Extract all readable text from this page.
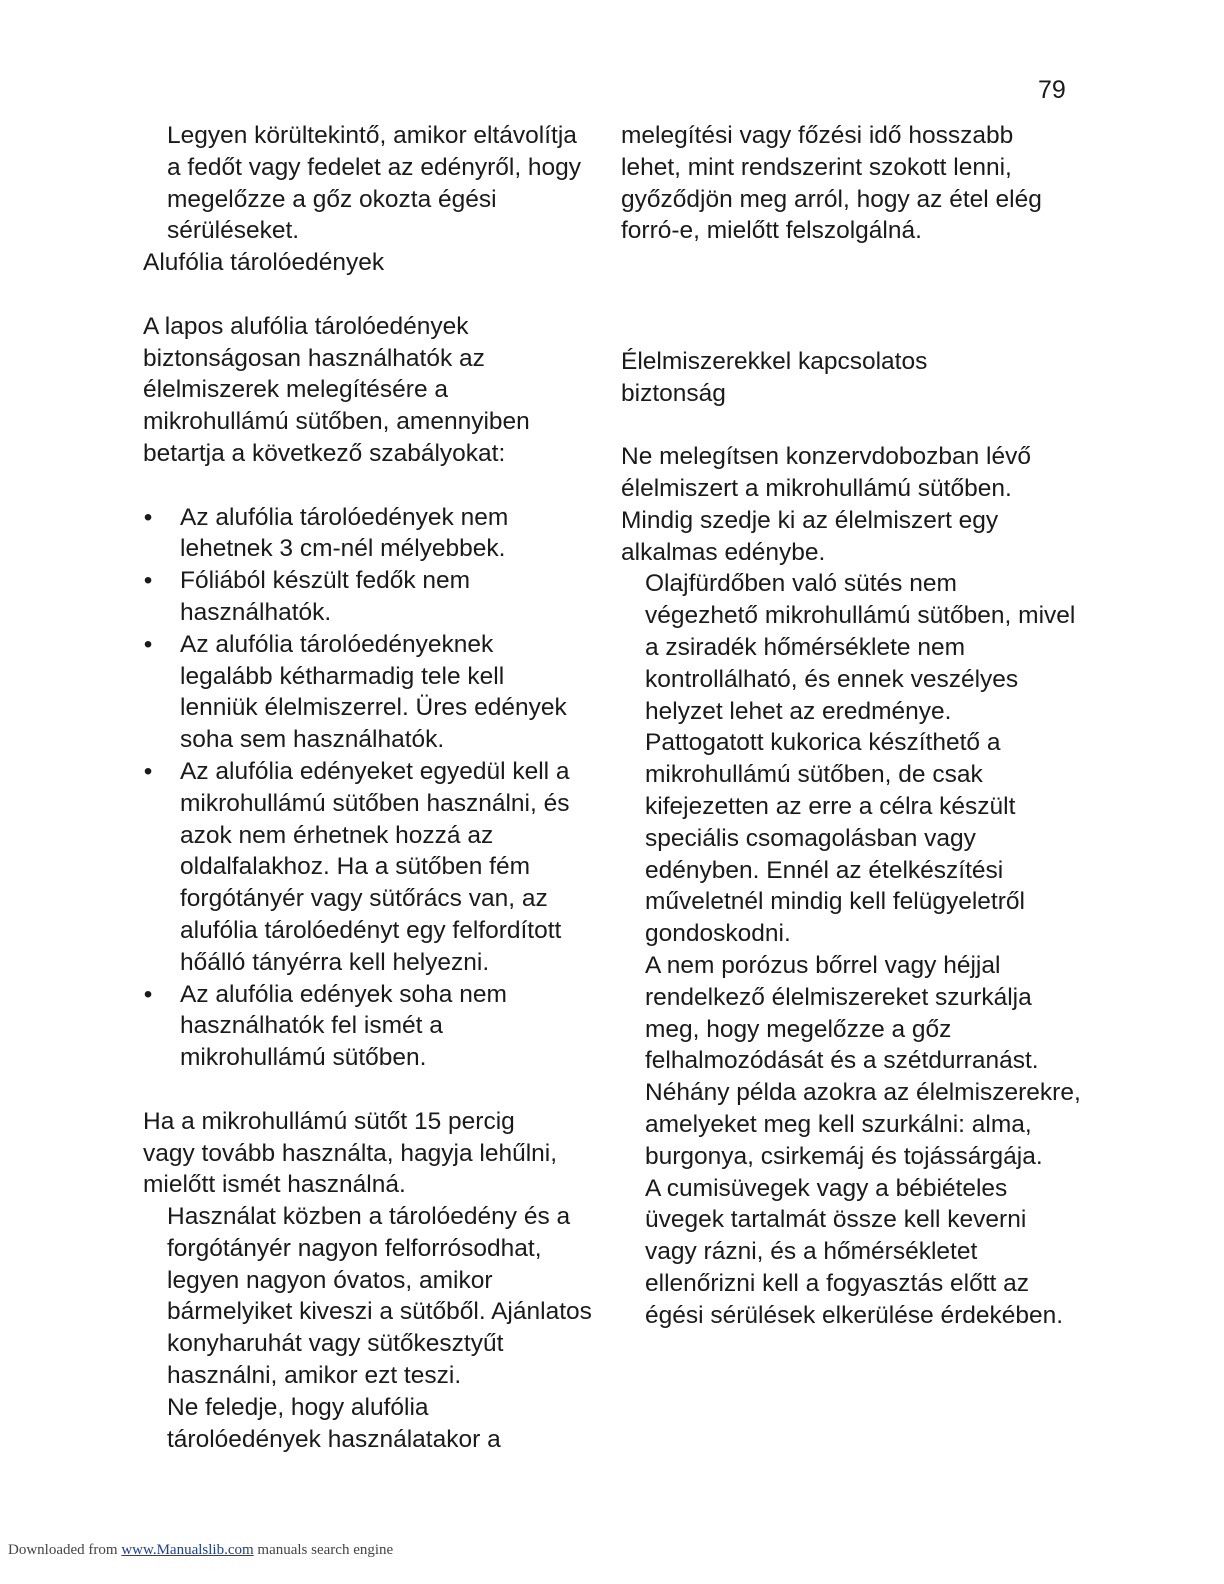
79

Legyen körültekintő, amikor eltávolítja
a fedőt vagy fedelet az edényről, hogy
megelőzze a gőz okozta égési
sérüléseket.

Alufólia tárolóedények

A lapos alufólia tárolóedények
biztonságosan használhatók az
élelmiszerek melegítésére a
mikrohullámú sütőben, amennyiben
betartja a következő szabályokat:

• Az alufólia tárolóedények nem
lehetnek 3 cm-nél mélyebbek.
• Fóliából készült fedők nem
használhatók.
• Az alufólia tárolóedényeknek
legalább kétharmadig tele kell
lenniük élelmiszerrel. Üres edények
soha sem használhatók.
• Az alufólia edényeket egyedül kell a
mikrohullámú sütőben használni, és
azok nem érhetnek hozzá az
oldalfalakhoz. Ha a sütőben fém
forgótányér vagy sütőrács van, az
alufólia tárolóedényt egy felfordított
hőálló tányérra kell helyezni.
• Az alufólia edények soha nem
használhatók fel ismét a
mikrohullámú sütőben.

Ha a mikrohullámú sütőt 15 percig
vagy tovább használta, hagyja lehűlni,
mielőtt ismét használná.

Használat közben a tárolóedény és a
forgótányér nagyon felforrósodhat,
legyen nagyon óvatos, amikor
bármelyiket kiveszi a sütőből. Ajánlatos
konyharuhát vagy sütőkesztyűt
használni, amikor ezt teszi.

Ne feledje, hogy alufólia
tárolóedények használatakor a

melegítési vagy főzési idő hosszabb
lehet, mint rendszerint szokott lenni,
győződjön meg arról, hogy az étel elég
forró-e, mielőtt felszolgálná.

Élelmiszerekkel kapcsolatos
biztonság

Ne melegítsen konzervdobozban lévő
élelmiszert a mikrohullámú sütőben.
Mindig szedje ki az élelmiszert egy
alkalmas edénybe.

Olajfürdőben való sütés nem
végezhető mikrohullámú sütőben, mivel
a zsiradék hőmérséklete nem
kontrollálható, és ennek veszélyes
helyzet lehet az eredménye.

Pattogatott kukorica készíthető a
mikrohullámú sütőben, de csak
kifejezetten az erre a célra készült
speciális csomagolásban vagy
edényben. Ennél az ételkészítési
műveletnél mindig kell felügyeletről
gondoskodni.

A nem porózus bőrrel vagy héjjal
rendelkező élelmiszereket szurkálja
meg, hogy megelőzze a gőz
felhalmozódását és a szétdurranást.
Néhány példa azokra az élelmiszerekre,
amelyeket meg kell szurkálni: alma,
burgonya, csirkemáj és tojássárgája.

A cumisüvegek vagy a bébiételes
üvegek tartalmát össze kell keverni
vagy rázni, és a hőmérsékletet
ellenőrizni kell a fogyasztás előtt az
égési sérülések elkerülése érdekében.

Downloaded from www.Manualslib.com manuals search engine
